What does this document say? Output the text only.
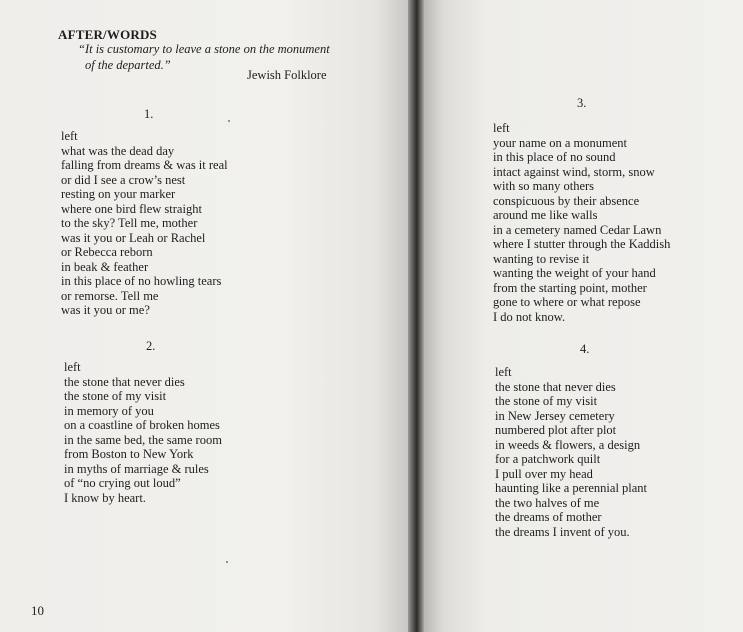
AFTER/WORDS
“It is customary to leave a stone on the monument
of the departed.”
Jewish Folklore
1.
left
what was the dead day
falling from dreams & was it real
or did I see a crow’s nest
resting on your marker
where one bird flew straight
to the sky? Tell me, mother
was it you or Leah or Rachel
or Rebecca reborn
in beak & feather
in this place of no howling tears
or remorse. Tell me
was it you or me?
2.
left
the stone that never dies
the stone of my visit
in memory of you
on a coastline of broken homes
in the same bed, the same room
from Boston to New York
in myths of marriage & rules
of “no crying out loud”
I know by heart.
10
3.
left
your name on a monument
in this place of no sound
intact against wind, storm, snow
with so many others
conspicuous by their absence
around me like walls
in a cemetery named Cedar Lawn
where I stutter through the Kaddish
wanting to revise it
wanting the weight of your hand
from the starting point, mother
gone to where or what repose
I do not know.
4.
left
the stone that never dies
the stone of my visit
in New Jersey cemetery
numbered plot after plot
in weeds & flowers, a design
for a patchwork quilt
I pull over my head
haunting like a perennial plant
the two halves of me
the dreams of mother
the dreams I invent of you.
